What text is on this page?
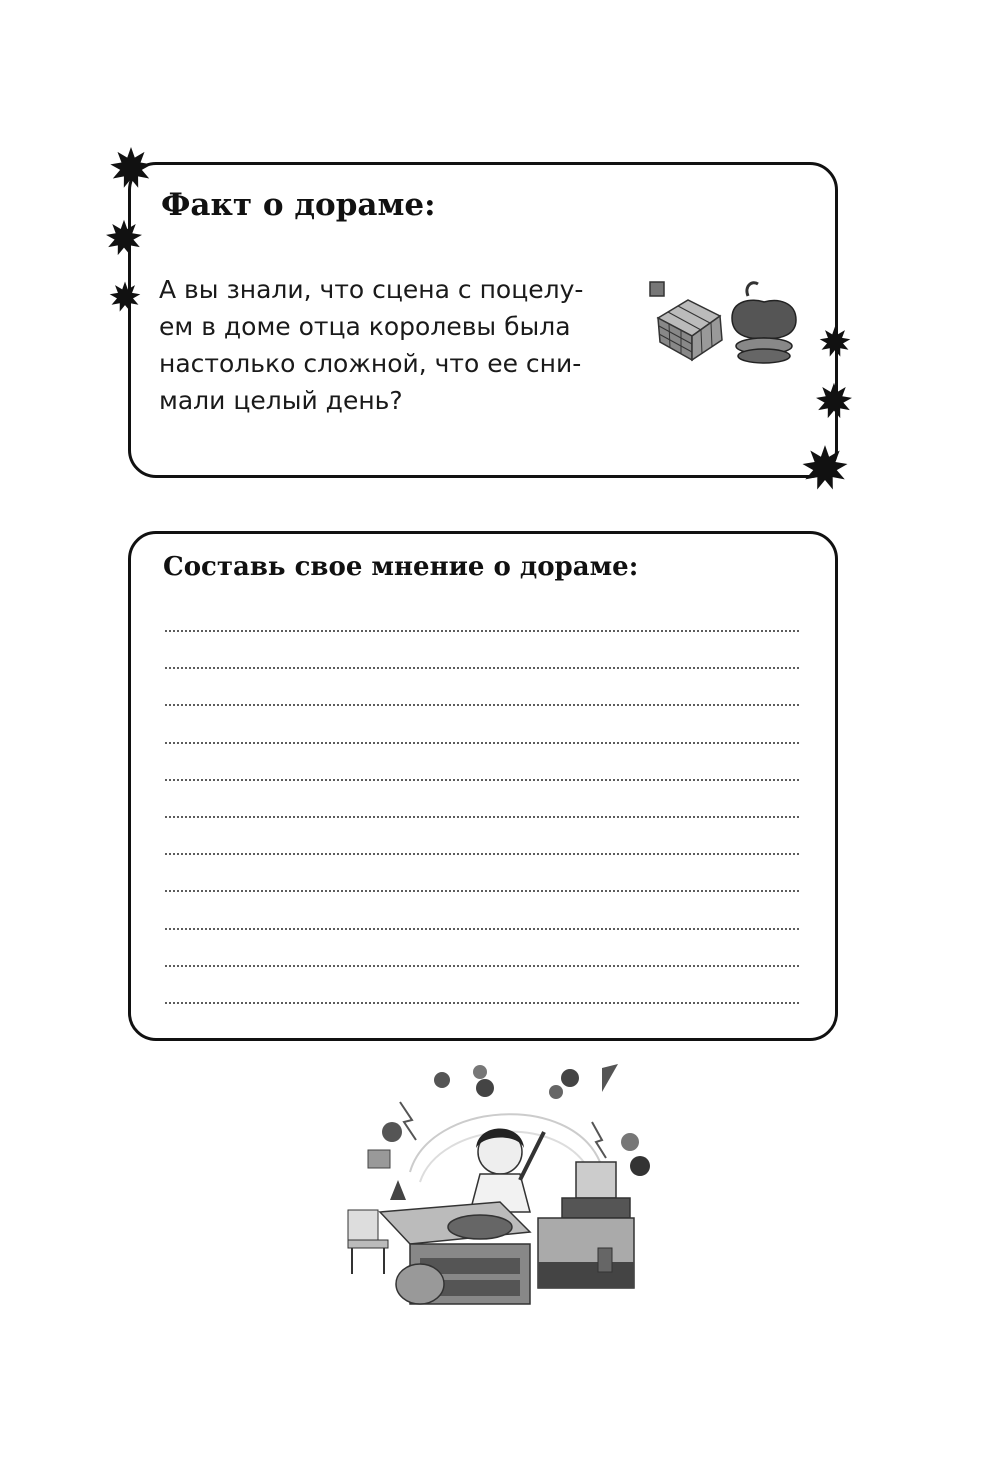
Факт о дораме:
А вы знали, что сцена с поцелу-
ем в доме отца королевы была
настолько сложной, что ее сни-
мали целый день?
Составь свое мнение о дораме:
